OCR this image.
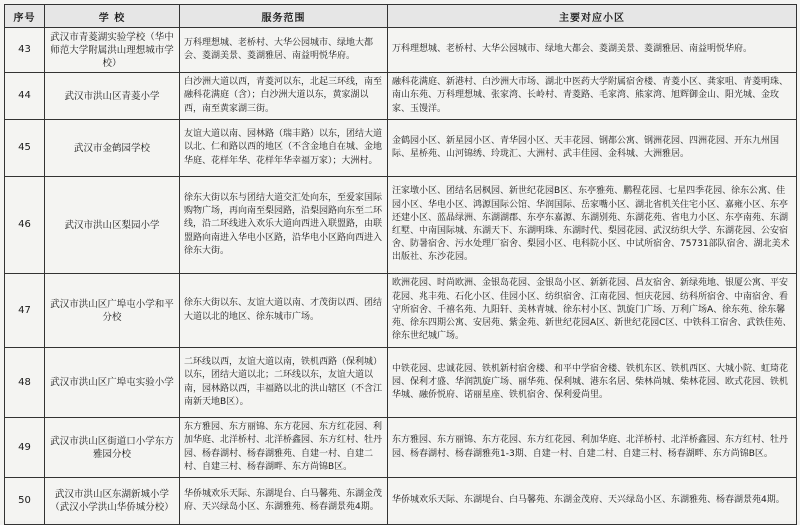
序号	学 校	服务范围	主要对应小区
43	武汉市青菱湖实验学校（华中师范大学附属洪山理想城市学校）	万科理想城、老桥村、大华公园城市、绿地大都会、菱湖美景、菱湖雅居、南益明悦华府。	万科理想城、老桥村、大华公园城市、绿地大都会、菱湖美景、菱湖雅居、南益明悦华府。
44	武汉市洪山区青菱小学	白沙洲大道以西，青菱河以东，北起三环线，南至融科花满庭（含）；白沙洲大道以东，黄家湖以西，南至黄家湖三街。	融科花满庭、新港村、白沙洲大市场、湖北中医药大学附属宿舍楼、青菱小区、龚家咀、青菱明珠、南山东苑、万科理想城、张家湾、长岭村、青菱路、毛家湾、熊家湾、旭辉御金山、阳光城、金玫家、玉馒洋。
45	武汉市金鹤园学校	友谊大道以南、园林路（瑞丰路）以东，团结大道以北、仁和路以西的地区（不含金地自在城、金地华庭、花样年华、花样年华幸福万家）；大洲村。	金鹤园小区、新星园小区、青华园小区、天丰花园、钢都公寓、钢洲花园、四洲花园、开东九州国际、星桥苑、山河锦绣、玲珑汇、大洲村、武丰佳园、金科城、大洲雅居。
46	武汉市洪山区梨园小学	徐东大街以东与团结大道交汇处向东，至爱家国际购物广场，再向南至梨园路，沿梨园路向东至二环线，沿二环线进入欢乐大道向西进入联盟路，由联盟路向南进入华电小区路，沿华电小区路向西进入徐东大街。	汪家墩小区、团结名居枫园、新世纪花园B区、东亭雅苑、鹏程花园、七星四季花园、徐东公寓、佳园小区、华电小区、鸿源国际公馆、华润国际、岳家嘴小区、湖北省机关住宅小区、嘉雍小区、东亭还建小区、蓝晶绿洲、东湖湖郡、东亭东嘉源、东湖别苑、东湖花苑、省电力小区、东亭南苑、东湖红墅、中南国际城、东湖天下、东湖明珠、东湖时代、梨园花园、武汉纺织大学、东湖花园、公安宿舍、防暑宿舍、污水处理厂宿舍、梨园小区、电科院小区、中试所宿舍、75731部队宿舍、湖北美术出版社、东沙花园。
47	武汉市洪山区广埠屯小学和平分校	徐东大街以东、友谊大道以南、才茂街以西、团结大道以北的地区、徐东城市广场。	欧洲花园、时尚欧洲、金银岛花园、金银岛小区、新新花园、昌友宿舍、新绿苑地、银厦公寓、平安花园、兆丰苑、石化小区、佳园小区、纺织宿舍、江南花园、恒庆花园、纺科所宿舍、中南宿舍、看守所宿舍、千禧名苑、九阳轩、美林青城、徐东村小区、凯旋门广场、万利广场A、徐东苑、徐东馨苑、徐东四期公寓、安居苑、紫金苑、新世纪花园A区、新世纪花园C区、中铁科工宿舍、武铁佳苑、徐东世纪城广场。
48	武汉市洪山区广埠屯实验小学	二环线以西，友谊大道以南，铁机西路（保利城）以东，团结大道以北；二环线以东，友谊大道以南，园林路以西，丰福路以北的洪山辖区（不含江南新天地B区）。	中铁花园、忠诚花园、铁机新村宿舍楼、和平中学宿舍楼、铁机东区、铁机西区、大城小院、虹琦花园、保利才盛、华润凯旋广场、丽华苑、保利城、港东名居、柴林尚城、柴林花园、欧式花园、铁机华城、融侨悦府、诺丽星座、铁机宿舍、保利爱尚里。
49	武汉市洪山区街道口小学东方雅园分校	东方雅园、东方丽锦、东方花园、东方红花园、利加华庭、北洋桥村、北洋桥鑫园、东方红村、牡丹园、杨春湖村、杨春湖雅苑、自建一村、自建二村、自建三村、杨春湖畔、东方尚锦B区。	东方雅园、东方丽锦、东方花园、东方红花园、利加华庭、北洋桥村、北洋桥鑫园、东方红村、牡丹园、杨春湖村、杨春湖雅苑1-3期、自建一村、自建二村、自建三村、杨春湖畔、东方尚锦B区。
50	武汉市洪山区东湖新城小学（武汉小学洪山华侨城分校）	华侨城欢乐天际、东湖堤台、白马馨苑、东湖金茂府、天兴绿岛小区、东湖雅苑、杨春湖景苑4期。	华侨城欢乐天际、东湖堤台、白马馨苑、东湖金茂府、天兴绿岛小区、东湖雅苑、杨春湖景苑4期。
